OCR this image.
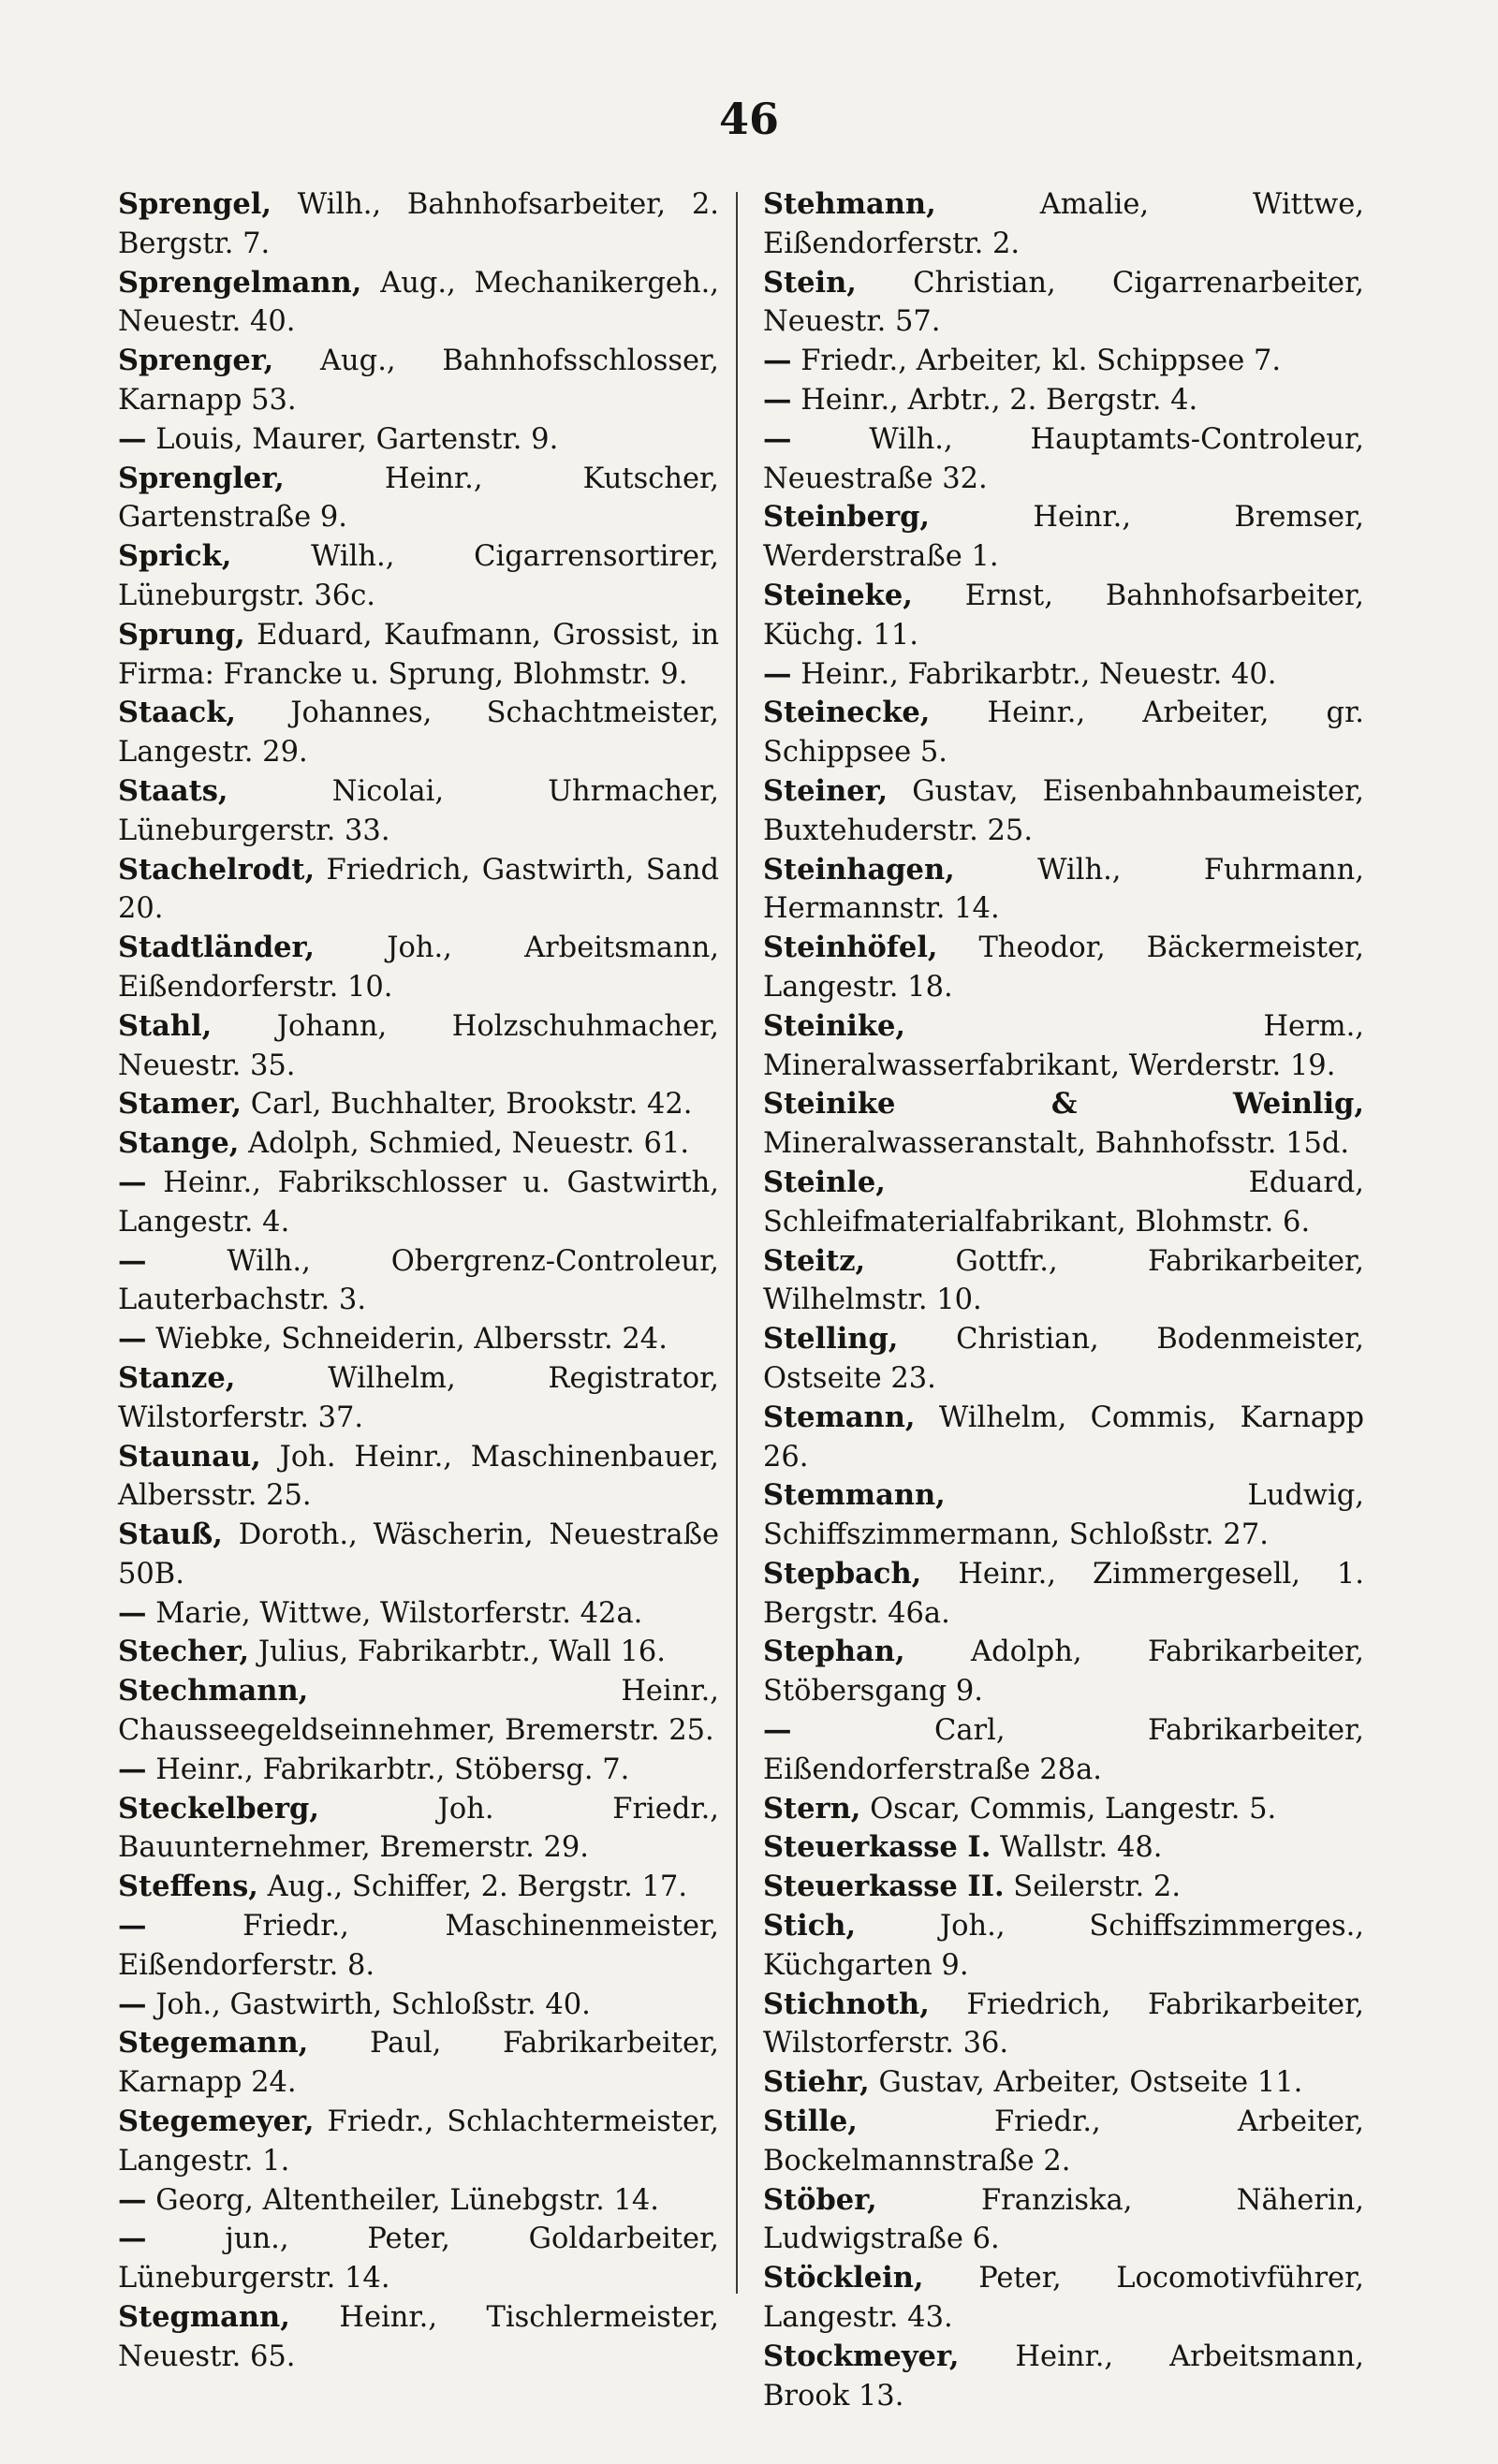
46

Sprengel, Wilh., Bahnhofsarbeiter, 2. Bergstr. 7.

Sprengelmann, Aug., Mechanikergeh., Neuestr. 40.

Sprenger, Aug., Bahnhofsschlosser, Karnapp 53.

— Louis, Maurer, Gartenstr. 9.

Sprengler,	Heinr., Kutscher, Gartenstraße 9.

Sprick,	Wilh., Cigarrensortirer, Lüneburgstr. 36c.

Sprung, Eduard, Kaufmann, Grossist, in Firma: Francke u. Sprung, Blohmstr. 9.

Staack, Johannes, Schachtmeister, Langestr. 29.

Staats,	Nicolai, Uhrmacher, Lüneburgerstr. 33.

Stachelrodt, Friedrich, Gastwirth, Sand 20.

Stadtländer,	Joh., Arbeitsmann, Eißendorferstr. 10.

Stahl, Johann, Holzschuhmacher, Neuestr. 35.

Stamer, Carl, Buchhalter, Brookstr. 42.

Stange, Adolph, Schmied, Neuestr. 61.

— Heinr., Fabrikschlosser u. Gastwirth, Langestr. 4.

—	Wilh., Obergrenz-Controleur, Lauterbachstr. 3.

— Wiebke, Schneiderin, Albersstr. 24.

Stanze,	Wilhelm, Registrator, Wilstorferstr. 37.

Staunau, Joh. Heinr., Maschinenbauer, Albersstr. 25.

Stauß, Doroth., Wäscherin, Neuestraße 50B.

— Marie, Wittwe, Wilstorferstr. 42a.

Stecher, Julius, Fabrikarbtr., Wall 16.

Stechmann,	Heinr., Chausseegeldseinnehmer, Bremerstr. 25.

— Heinr., Fabrikarbtr., Stöbersg. 7.

Steckelberg,	Joh. Friedr., Bauunternehmer, Bremerstr. 29.

Steffens, Aug., Schiffer, 2. Bergstr. 17.

—	Friedr., Maschinenmeister, Eißendorferstr. 8.

— Joh., Gastwirth, Schloßstr. 40.

Stegemann, Paul, Fabrikarbeiter, Karnapp 24.

Stegemeyer, Friedr., Schlachtermeister, Langestr. 1.

— Georg, Altentheiler, Lünebgstr. 14.

—	jun., Peter, Goldarbeiter, Lüneburgerstr. 14.

Stegmann, Heinr., Tischlermeister, Neuestr. 65.

Stehmann,	Amalie, Wittwe, Eißendorferstr. 2.

Stein, Christian, Cigarrenarbeiter, Neuestr. 57.

— Friedr., Arbeiter, kl. Schippsee 7.

— Heinr., Arbtr., 2. Bergstr. 4.

—	Wilh., Hauptamts-Controleur, Neuestraße 32.

Steinberg,	Heinr., Bremser, Werderstraße 1.

Steineke, Ernst, Bahnhofsarbeiter, Küchg. 11.

— Heinr., Fabrikarbtr., Neuestr. 40.

Steinecke, Heinr., Arbeiter, gr. Schippsee 5.

Steiner, Gustav, Eisenbahnbaumeister, Buxtehuderstr. 25.

Steinhagen,	Wilh., Fuhrmann, Hermannstr. 14.

Steinhöfel, Theodor, Bäckermeister, Langestr. 18.

Steinike,	Herm., Mineralwasserfabrikant, Werderstr. 19.

Steinike & Weinlig, Mineralwasseranstalt, Bahnhofsstr. 15d.

Steinle,	Eduard, Schleifmaterialfabrikant, Blohmstr. 6.

Steitz,	Gottfr., Fabrikarbeiter, Wilhelmstr. 10.

Stelling, Christian, Bodenmeister, Ostseite 23.

Stemann, Wilhelm, Commis, Karnapp 26.

Stemmann,	Ludwig, Schiffszimmermann, Schloßstr. 27.

Stepbach, Heinr., Zimmergesell, 1. Bergstr. 46a.

Stephan, Adolph, Fabrikarbeiter, Stöbersgang 9.

—	Carl, Fabrikarbeiter, Eißendorferstraße 28a.

Stern, Oscar, Commis, Langestr. 5.

Steuerkasse I. Wallstr. 48.

Steuerkasse II. Seilerstr. 2.

Stich,	Joh., Schiffszimmerges., Küchgarten 9.

Stichnoth, Friedrich, Fabrikarbeiter, Wilstorferstr. 36.

Stiehr, Gustav, Arbeiter, Ostseite 11.

Stille,	Friedr., Arbeiter, Bockelmannstraße 2.

Stöber,	Franziska, Näherin, Ludwigstraße 6.

Stöcklein, Peter, Locomotivführer, Langestr. 43.

Stockmeyer, Heinr., Arbeitsmann, Brook 13.
